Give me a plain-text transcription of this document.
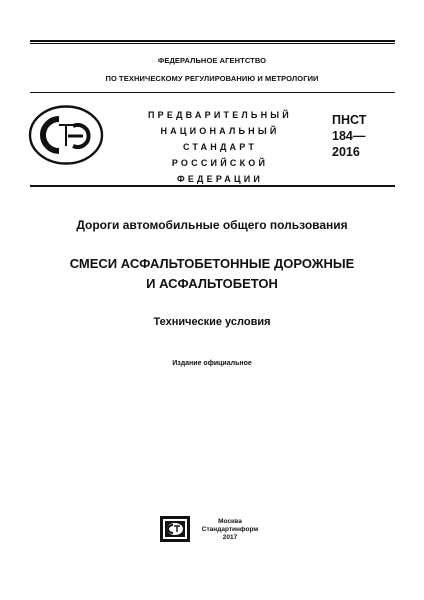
ФЕДЕРАЛЬНОЕ АГЕНТСТВО
ПО ТЕХНИЧЕСКОМУ РЕГУЛИРОВАНИЮ И МЕТРОЛОГИИ
ПРЕДВАРИТЕЛЬНЫЙ
НАЦИОНАЛЬНЫЙ
СТАНДАРТ
РОССИЙСКОЙ
ФЕДЕРАЦИИ
ПНСТ
184—
2016
Дороги автомобильные общего пользования
СМЕСИ АСФАЛЬТОБЕТОННЫЕ ДОРОЖНЫЕ
И АСФАЛЬТОБЕТОН
Технические условия
Издание официальное
Москва
Стандартинформ
2017
